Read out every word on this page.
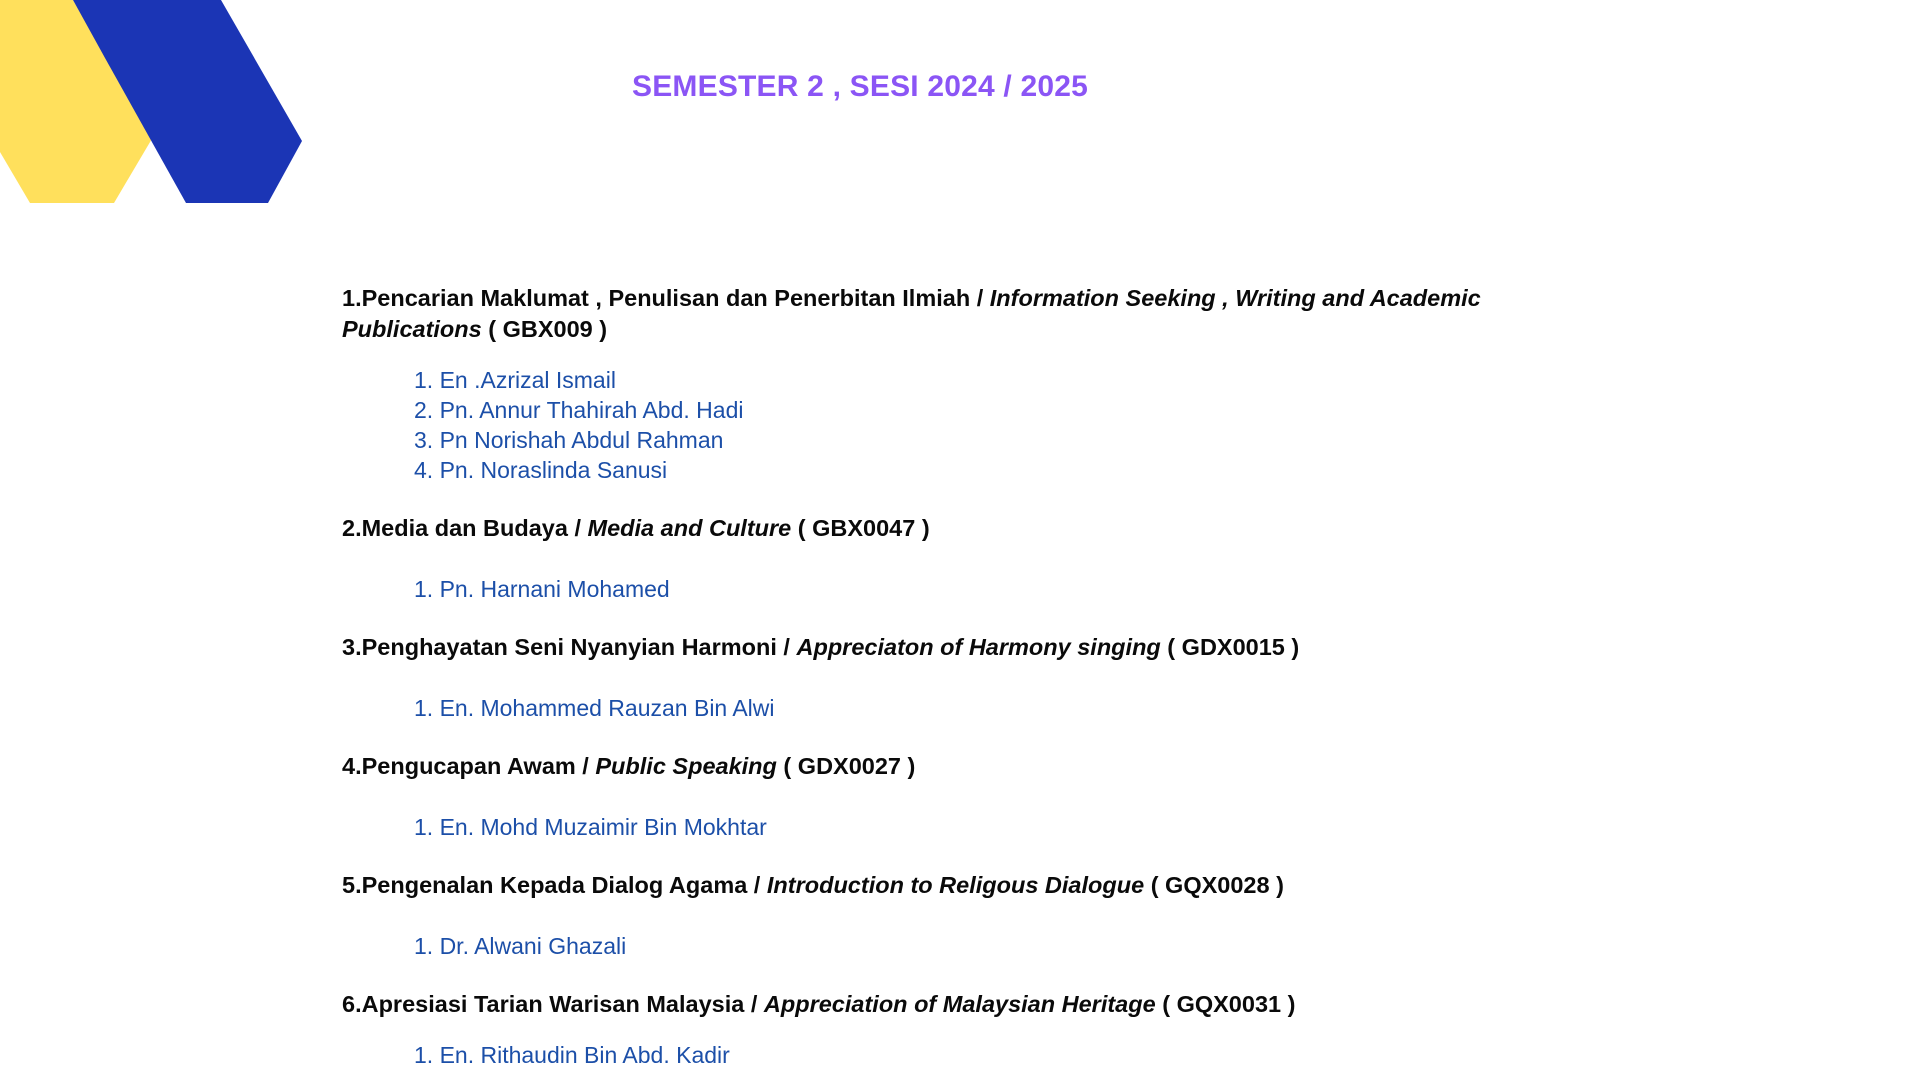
SEMESTER 2 , SESI 2024 / 2025

1.Pencarian Maklumat , Penulisan dan Penerbitan Ilmiah / Information Seeking , Writing and Academic Publications ( GBX009 )

1. En .Azrizal Ismail
2. Pn. Annur Thahirah Abd. Hadi
3. Pn Norishah Abdul Rahman
4. Pn. Noraslinda Sanusi

2.Media dan Budaya / Media and Culture ( GBX0047 )

1. Pn. Harnani Mohamed

3.Penghayatan Seni Nyanyian Harmoni / Appreciaton of Harmony singing ( GDX0015 )

1. En. Mohammed Rauzan Bin Alwi

4.Pengucapan Awam / Public Speaking ( GDX0027 )

1. En. Mohd Muzaimir Bin Mokhtar

5.Pengenalan Kepada Dialog Agama / Introduction to Religous Dialogue ( GQX0028 )

1. Dr. Alwani Ghazali

6.Apresiasi Tarian Warisan Malaysia / Appreciation of Malaysian Heritage ( GQX0031 )

1. En. Rithaudin Bin Abd. Kadir
